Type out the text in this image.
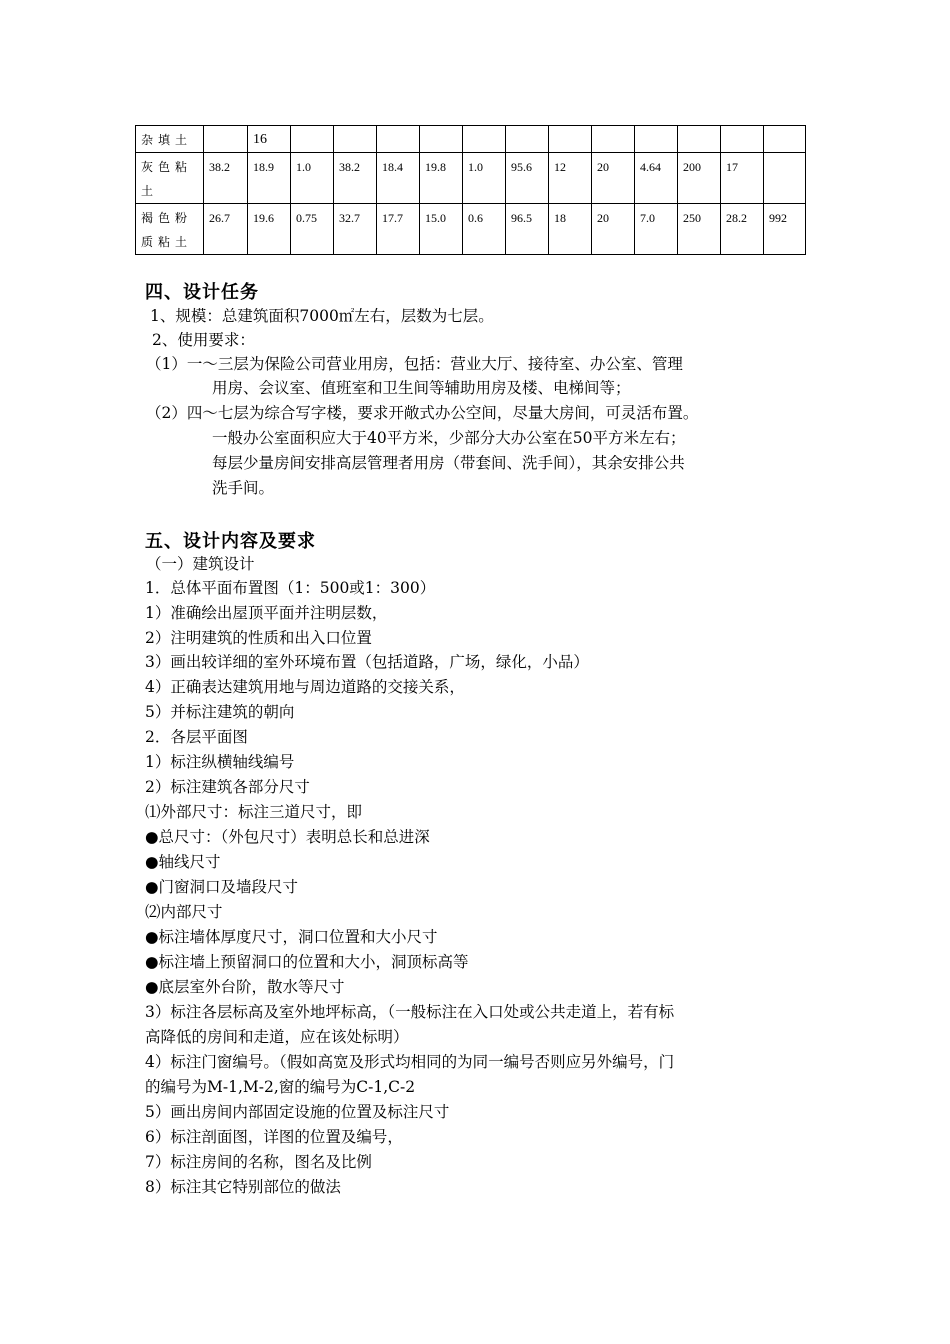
杂填土		16												
灰色粘土	38.2	18.9	1.0	38.2	18.4	19.8	1.0	95.6	12	20	4.64	200	17	
褐色粉质粘土	26.7	19.6	0.75	32.7	17.7	15.0	0.6	96.5	18	20	7.0	250	28.2	992
四、设计任务
1、规模：总建筑面积7000㎡左右，层数为七层。
2、使用要求：
（1）一～三层为保险公司营业用房，包括：营业大厅、接待室、办公室、管理
用房、会议室、值班室和卫生间等辅助用房及楼、电梯间等；
（2）四～七层为综合写字楼，要求开敞式办公空间，尽量大房间，可灵活布置。
一般办公室面积应大于40平方米，少部分大办公室在50平方米左右；
每层少量房间安排高层管理者用房（带套间、洗手间），其余安排公共
洗手间。
五、设计内容及要求
（一）建筑设计
1．总体平面布置图（1：500或1：300）
1）准确绘出屋顶平面并注明层数，
2）注明建筑的性质和出入口位置
3）画出较详细的室外环境布置（包括道路，广场，绿化，小品）
4）正确表达建筑用地与周边道路的交接关系，
5）并标注建筑的朝向
2．各层平面图
1）标注纵横轴线编号
2）标注建筑各部分尺寸
⑴外部尺寸：标注三道尺寸，即
●总尺寸：（外包尺寸）表明总长和总进深
●轴线尺寸
●门窗洞口及墙段尺寸
⑵内部尺寸
●标注墙体厚度尺寸，洞口位置和大小尺寸
●标注墙上预留洞口的位置和大小，洞顶标高等
●底层室外台阶，散水等尺寸
3）标注各层标高及室外地坪标高，（一般标注在入口处或公共走道上，若有标
高降低的房间和走道，应在该处标明）
4）标注门窗编号。（假如高宽及形式均相同的为同一编号否则应另外编号，门
的编号为M-1,M-2,窗的编号为C-1,C-2
5）画出房间内部固定设施的位置及标注尺寸
6）标注剖面图，详图的位置及编号，
7）标注房间的名称，图名及比例
8）标注其它特别部位的做法
